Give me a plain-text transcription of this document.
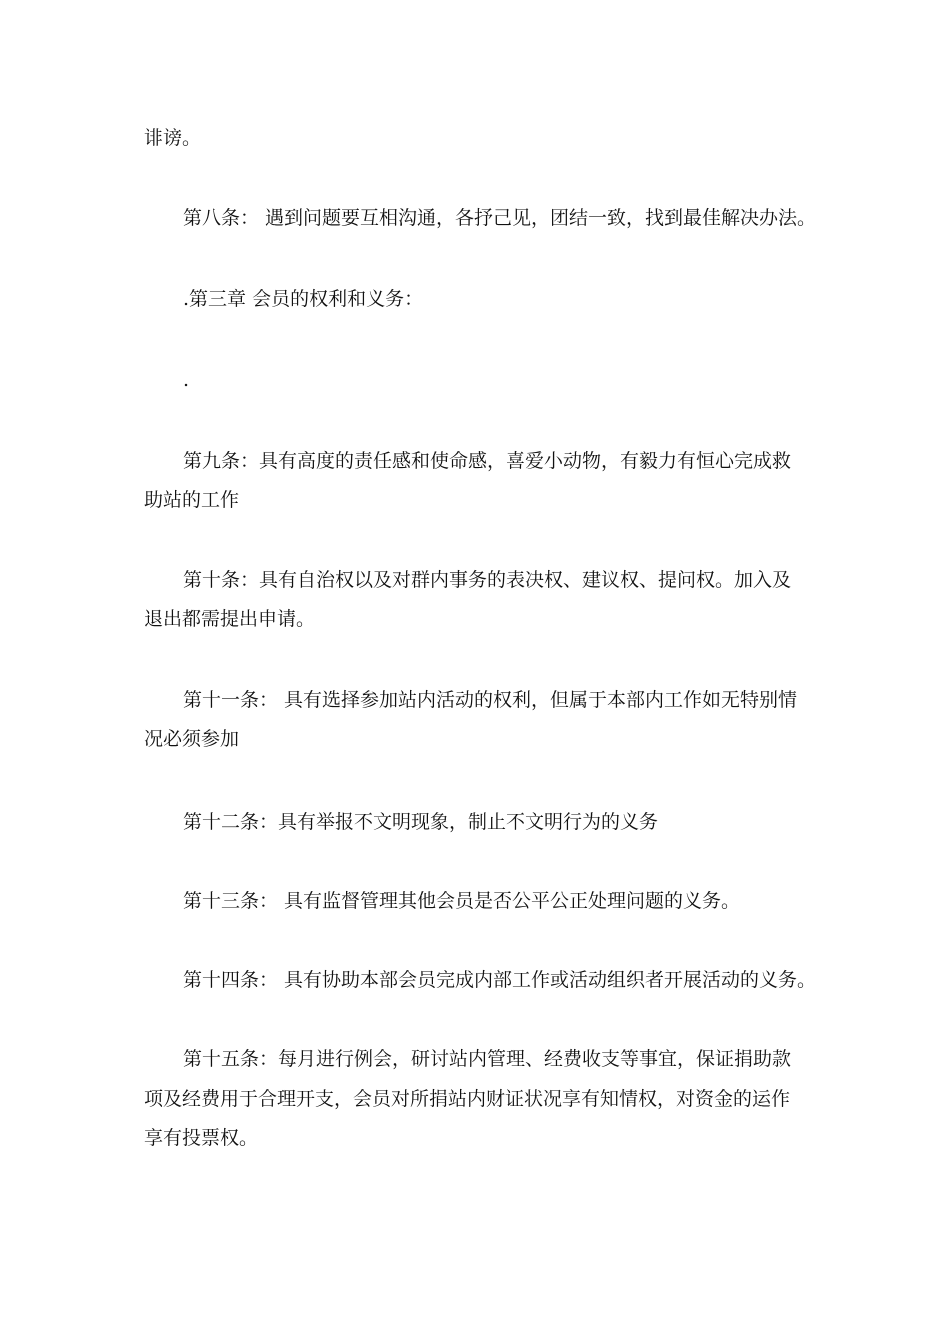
诽谤。
第八条： 遇到问题要互相沟通，各抒己见，团结一致，找到最佳解决办法。
.第三章 会员的权利和义务：
.
第九条：具有高度的责任感和使命感，喜爱小动物，有毅力有恒心完成救
助站的工作
第十条：具有自治权以及对群内事务的表决权、建议权、提问权。加入及
退出都需提出申请。
第十一条： 具有选择参加站内活动的权利，但属于本部内工作如无特别情
况必须参加
第十二条：具有举报不文明现象，制止不文明行为的义务
第十三条： 具有监督管理其他会员是否公平公正处理问题的义务。
第十四条： 具有协助本部会员完成内部工作或活动组织者开展活动的义务。
第十五条：每月进行例会，研讨站内管理、经费收支等事宜，保证捐助款
项及经费用于合理开支，会员对所捐站内财证状况享有知情权，对资金的运作
享有投票权。
